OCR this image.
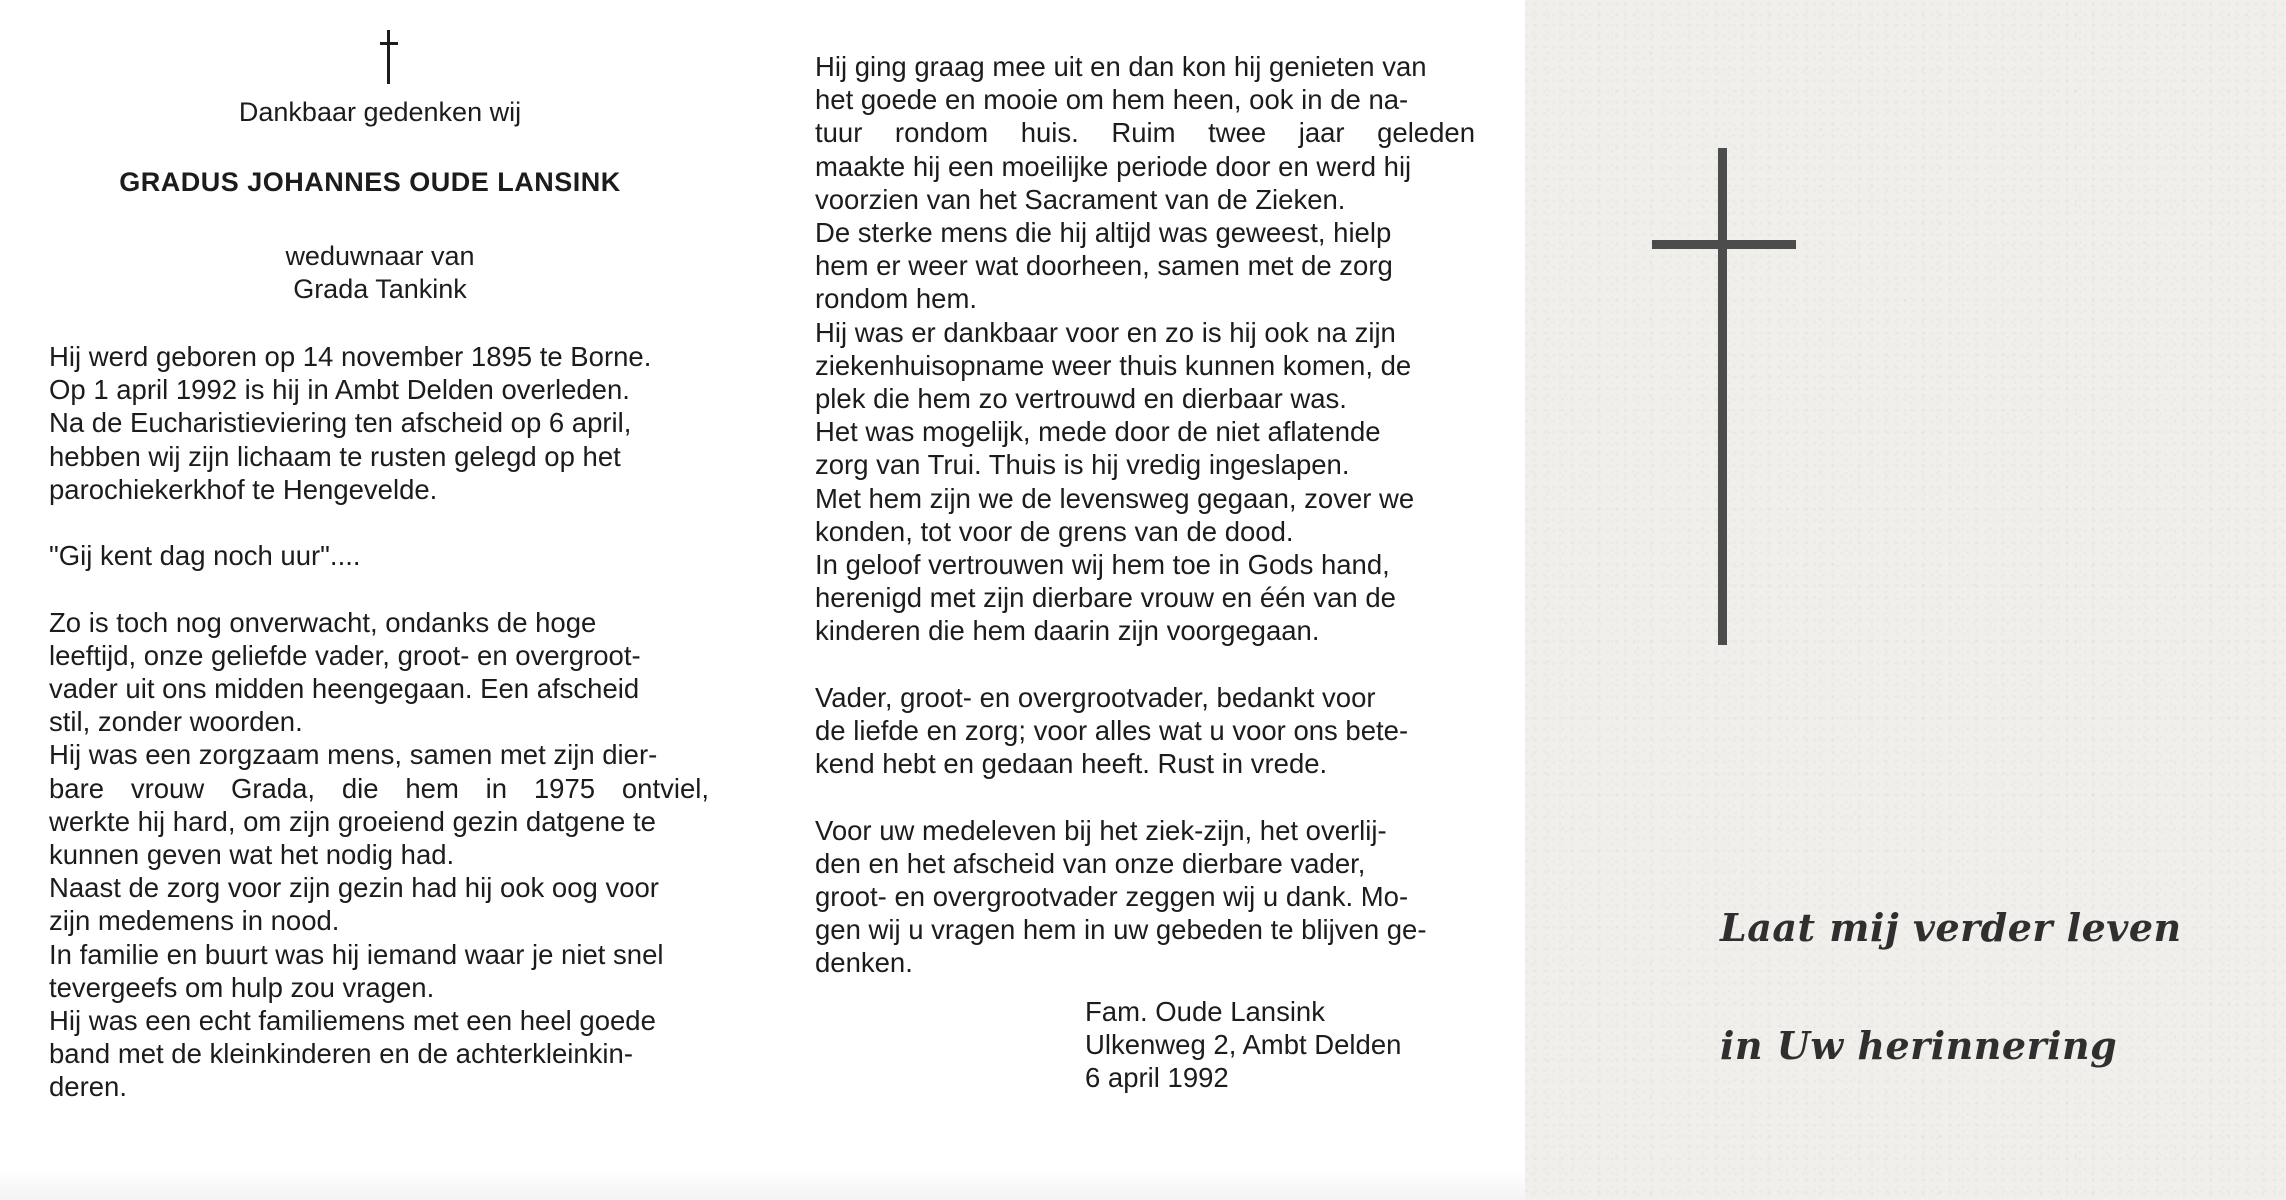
Dankbaar gedenken wij
GRADUS JOHANNES OUDE LANSINK
weduwnaar van
Grada Tankink
Hij werd geboren op 14 november 1895 te Borne.
Op 1 april 1992 is hij in Ambt Delden overleden.
Na de Eucharistieviering ten afscheid op 6 april,
hebben wij zijn lichaam te rusten gelegd op het
parochiekerkhof te Hengevelde.

"Gij kent dag noch uur"....

Zo is toch nog onverwacht, ondanks de hoge
leeftijd, onze geliefde vader, groot- en overgroot-
vader uit ons midden heengegaan. Een afscheid
stil, zonder woorden.
Hij was een zorgzaam mens, samen met zijn dier-
bare vrouw Grada, die hem in 1975 ontviel,
werkte hij hard, om zijn groeiend gezin datgene te
kunnen geven wat het nodig had.
Naast de zorg voor zijn gezin had hij ook oog voor
zijn medemens in nood.
In familie en buurt was hij iemand waar je niet snel
tevergeefs om hulp zou vragen.
Hij was een echt familiemens met een heel goede
band met de kleinkinderen en de achterkleinkin-
deren.
Hij ging graag mee uit en dan kon hij genieten van
het goede en mooie om hem heen, ook in de na-
tuur rondom huis. Ruim twee jaar geleden
maakte hij een moeilijke periode door en werd hij
voorzien van het Sacrament van de Zieken.
De sterke mens die hij altijd was geweest, hielp
hem er weer wat doorheen, samen met de zorg
rondom hem.
Hij was er dankbaar voor en zo is hij ook na zijn
ziekenhuisopname weer thuis kunnen komen, de
plek die hem zo vertrouwd en dierbaar was.
Het was mogelijk, mede door de niet aflatende
zorg van Trui. Thuis is hij vredig ingeslapen.
Met hem zijn we de levensweg gegaan, zover we
konden, tot voor de grens van de dood.
In geloof vertrouwen wij hem toe in Gods hand,
herenigd met zijn dierbare vrouw en één van de
kinderen die hem daarin zijn voorgegaan.

Vader, groot- en overgrootvader, bedankt voor
de liefde en zorg; voor alles wat u voor ons bete-
kend hebt en gedaan heeft. Rust in vrede.

Voor uw medeleven bij het ziek-zijn, het overlij-
den en het afscheid van onze dierbare vader,
groot- en overgrootvader zeggen wij u dank. Mo-
gen wij u vragen hem in uw gebeden te blijven ge-
denken.
Fam. Oude Lansink
Ulkenweg 2, Ambt Delden
6 april 1992
Laat mij verder leven
in Uw herinnering
